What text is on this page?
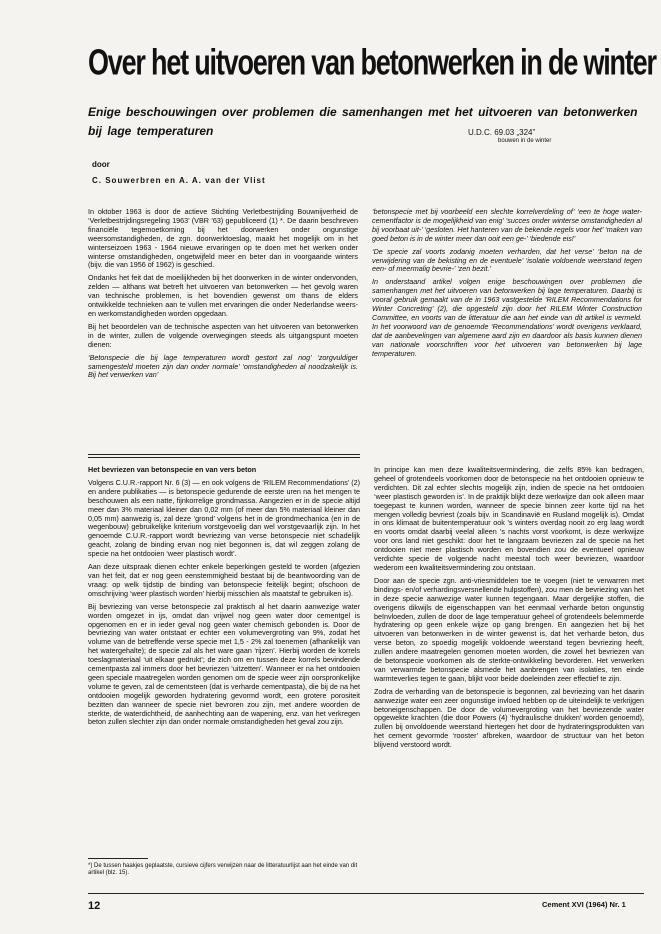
Over het uitvoeren van betonwerken in de winter
Enige beschouwingen over problemen die samenhangen met het uitvoeren van betonwerken bij lage temperaturen	U.D.C. 69.03 „324”
bouwen in de winter
door
C. Souwerbren en A. A. van der Vlist

In oktober 1963 is door de actieve Stichting Verletbestrijding Bouwnijverheid de ‘Verletbestrijdingsregeling 1963’ (VBR ’63) gepubliceerd (1) *. De daarin beschreven financiële tegemoetkoming bij het doorwerken onder ongunstige weersomstandigheden, de zgn. doorwerktoeslag, maakt het mogelijk om in het winterseizoen 1963 - 1964 nieuwe ervaringen op te doen met het werken onder winterse omstandigheden, ongetwijfeld meer en beter dan in voorgaande winters (bijv. die van 1956 of 1962) is geschied.

Ondanks het feit dat de moeilijkheden bij het doorwerken in de winter ondervonden, zelden — althans wat betreft het uitvoeren van betonwerken — het gevolg waren van technische problemen, is het bovendien gewenst om thans de elders ontwikkelde technieken aan te vullen met ervaringen die onder Nederlandse weers- en werkomstandigheden worden opgedaan.

Bij het beoordelen van de technische aspecten van het uitvoeren van betonwerken in de winter, zullen de volgende overwegingen steeds als uitgangspunt moeten dienen:

‘Betonspecie die bij lage temperaturen wordt gestort zal nog’ ‘zorgvuldiger samengesteld moeten zijn dan onder normale’ ‘omstandigheden al noodzakelijk is. Bij het verwerken van’

‘betonspecie met bij voorbeeld een slechte korrelverdeling of’ ‘een te hoge water-cementfactor is de mogelijkheid van enig’ ‘succes onder winterse omstandigheden al bij voorbaat uit-’ ‘gesloten. Het hanteren van de bekende regels voor het’ ‘maken van goed beton is in de winter meer dan ooit een ge-’ ‘biedende eis!’

‘De specie zal voorts zodanig moeten verharden, dat het verse’ ‘beton na de verwijdering van de bekisting en de eventuele’ ‘isolatie voldoende weerstand tegen een- of meermalig bevrie-’ ‘zen bezit.’

In onderstaand artikel volgen enige beschouwingen over problemen die samenhangen met het uitvoeren van betonwerken bij lage temperaturen. Daarbij is vooral gebruik gemaakt van de in 1963 vastgestelde ‘RILEM Recommendations for Winter Concreting’ (2), die opgesteld zijn door het RILEM Winter Construction Committee, en voorts van de litteratuur die aan het einde van dit artikel is vermeld. In het voorwoord van de genoemde ‘Recommendations’ wordt overigens verklaard, dat de aanbevelingen van algemene aard zijn en daardoor als basis kunnen dienen van nationale voorschriften voor het uitvoeren van betonwerken bij lage temperaturen.

Het bevriezen van betonspecie en van vers beton

Volgens C.U.R.-rapport Nr. 6 (3) — en ook volgens de ‘RILEM Recommendations’ (2) en andere publikaties — is betonspecie gedurende de eerste uren na het mengen te beschouwen als een natte, fijnkorrelige grondmassa. Aangezien er in de specie altijd meer dan 3% materiaal kleiner dan 0,02 mm (of meer dan 5% materiaal kleiner dan 0,05 mm) aanwezig is, zal deze ‘grond’ volgens het in de grondmechanica (en in de wegenbouw) gebruikelijke kriterium vorstgevoelig dan wel vorstgevaarlijk zijn. In het genoemde C.U.R.-rapport wordt bevriezing van verse betonspecie niet schadelijk geacht, zolang de binding ervan nog niet begonnen is, dat wil zeggen zolang de specie na het ontdooien ‘weer plastisch wordt’.

Aan deze uitspraak dienen echter enkele beperkingen gesteld te worden (afgezien van het feit, dat er nog geen eenstemmigheid bestaat bij de beantwoording van de vraag: op welk tijdstip de binding van betonspecie feitelijk begint; ofschoon de omschrijving ‘weer plastisch worden’ hierbij misschien als maatstaf te gebruiken is).

Bij bevriezing van verse betonspecie zal praktisch al het daarin aanwezige water worden omgezet in ijs, omdat dan vrijwel nog geen water door cementgel is opgenomen en er in ieder geval nog geen water chemisch gebonden is. Door de bevriezing van water ontstaat er echter een volumevergroting van 9%, zodat het volume van de betreffende verse specie met 1,5 - 2% zal toenemen (afhankelijk van het watergehalte); de specie zal als het ware gaan ‘rijzen’. Hierbij worden de korrels toeslagmateriaal ‘uit elkaar gedrukt’; de zich om en tussen deze korrels bevindende cementpasta zal immers door het bevriezen ‘uitzetten’. Wanneer er na het ontdooien geen speciale maatregelen worden genomen om de specie weer zijn oorspronkelijke volume te geven, zal de cementsteen (dat is verharde cementpasta), die bij de na het ontdooien mogelijk geworden hydratering gevormd wordt, een grotere porositeit bezitten dan wanneer de specie niet bevroren zou zijn, met andere woorden de sterkte, de waterdichtheid, de aanhechting aan de wapening, enz. van het verkregen beton zullen slechter zijn dan onder normale omstandigheden het geval zou zijn.

In principe kan men deze kwaliteitsvermindering, die zelfs 85% kan bedragen, geheel of grotendeels voorkomen door de betonspecie na het ontdooien opnieuw te verdichten. Dit zal echter slechts mogelijk zijn, indien de specie na het ontdooien ‘weer plastisch geworden is’. In de praktijk blijkt deze werkwijze dan ook alleen maar toegepast te kunnen worden, wanneer de specie binnen zeer korte tijd na het mengen volledig bevriest (zoals bijv. in Scandinavië en Rusland mogelijk is). Omdat in ons klimaat de buitentemperatuur ook ’s winters overdag nooit zo erg laag wordt en voorts omdat daarbij veelal alleen ’s nachts vorst voorkomt, is deze werkwijze voor ons land niet geschikt: door het te langzaam bevriezen zal de specie na het ontdooien niet meer plastisch worden en bovendien zou de eventueel opnieuw verdichte specie de volgende nacht meestal toch weer bevriezen, waardoor wederom een kwaliteitsvermindering zou ontstaan.

Door aan de specie zgn. anti-vriesmiddelen toe te voegen (niet te verwarren met bindings- en/of verhardingsversnellende hulpstoffen), zou men de bevriezing van het in deze specie aanwezige water kunnen tegengaan. Maar dergelijke stoffen, die overigens dikwijls de eigenschappen van het eenmaal verharde beton ongunstig beïnvloeden, zullen de door de lage temperatuur geheel of grotendeels belemmerde hydratering op geen enkele wijze op gang brengen. En aangezien het bij het uitvoeren van betonwerken in de winter gewenst is, dat het verharde beton, dus verse beton, zo spoedig mogelijk voldoende weerstand tegen bevriezing heeft, zullen andere maatregelen genomen moeten worden, die zowel het bevriezen van de betonspecie voorkomen als de sterkte-ontwikkeling bevorderen. Het verwerken van verwarmde betonspecie alsmede het aanbrengen van isolaties, ten einde warmteverlies tegen te gaan, blijkt voor beide doeleinden zeer effectief te zijn.

Zodra de verharding van de betonspecie is begonnen, zal bevriezing van het daarin aanwezige water een zeer ongunstige invloed hebben op de uiteindelijk te verkrijgen betoneigenschappen. De door de volumevergroting van het bevriezende water opgewekte krachten (die door Powers (4) ‘hydraulische drukken’ worden genoemd), zullen bij onvoldoende weerstand hiertegen het door de hydrateringsprodukten van het cement gevormde ‘rooster’ afbreken, waardoor de structuur van het beton blijvend verstoord wordt.

*) De tussen haakjes geplaatste, cursieve cijfers verwijzen naar de litteratuurlijst aan het einde van dit artikel (blz. 15).
12	Cement XVI (1964) Nr. 1
